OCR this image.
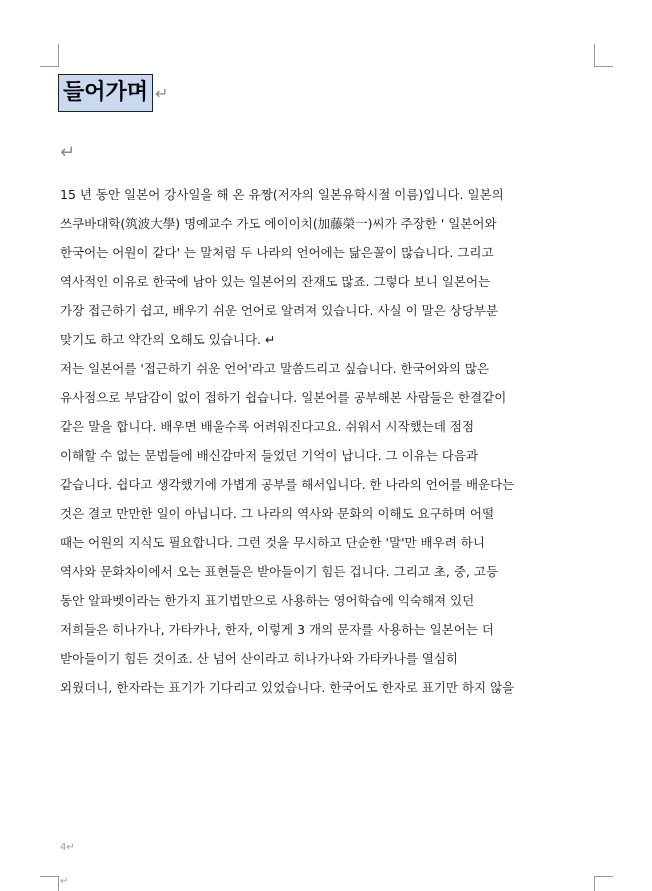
들어가며 ↵
↵
15 년 동안 일본어 강사일을 해 온 유짱(저자의 일본유학시절 이름)입니다. 일본의
쓰쿠바대학(筑波大學) 명예교수 가도 에이이치(加藤榮一)씨가 주장한 ' 일본어와
한국어는 어원이 같다' 는 말처럼 두 나라의 언어에는 닮은꼴이 많습니다. 그리고
역사적인 이유로 한국에 남아 있는 일본어의 잔재도 많죠. 그렇다 보니 일본어는
가장 접근하기 쉽고, 배우기 쉬운 언어로 알려져 있습니다. 사실 이 말은 상당부분
맞기도 하고 약간의 오해도 있습니다. ↵
저는 일본어를 '접근하기 쉬운 언어'라고 말씀드리고 싶습니다. 한국어와의 많은
유사점으로 부담감이 없이 접하기 쉽습니다. 일본어를 공부해본 사람들은 한결같이
같은 말을 합니다. 배우면 배울수록 어려워진다고요. 쉬워서 시작했는데 점점
이해할 수 없는 문법들에 배신감마저 들었던 기억이 납니다. 그 이유는 다음과
같습니다. 쉽다고 생각했기에 가볍게 공부를 해서입니다. 한 나라의 언어를 배운다는
것은 결코 만만한 일이 아닙니다. 그 나라의 역사와 문화의 이해도 요구하며 어떨
때는 어원의 지식도 필요합니다. 그런 것을 무시하고 단순한 '말'만 배우려 하니
역사와 문화차이에서 오는 표현들은 받아들이기 힘든 겁니다. 그리고 초, 중, 고등
동안 알파벳이라는 한가지 표기법만으로 사용하는 영어학습에 익숙해져 있던
저희들은 히나가나, 가타카나, 한자, 이렇게 3 개의 문자를 사용하는 일본어는 더
받아들이기 힘든 것이죠. 산 넘어 산이라고 히나가나와 가타카나를 열심히
외웠더니, 한자라는 표기가 기다리고 있었습니다. 한국어도 한자로 표기만 하지 않을
4↵
↵
